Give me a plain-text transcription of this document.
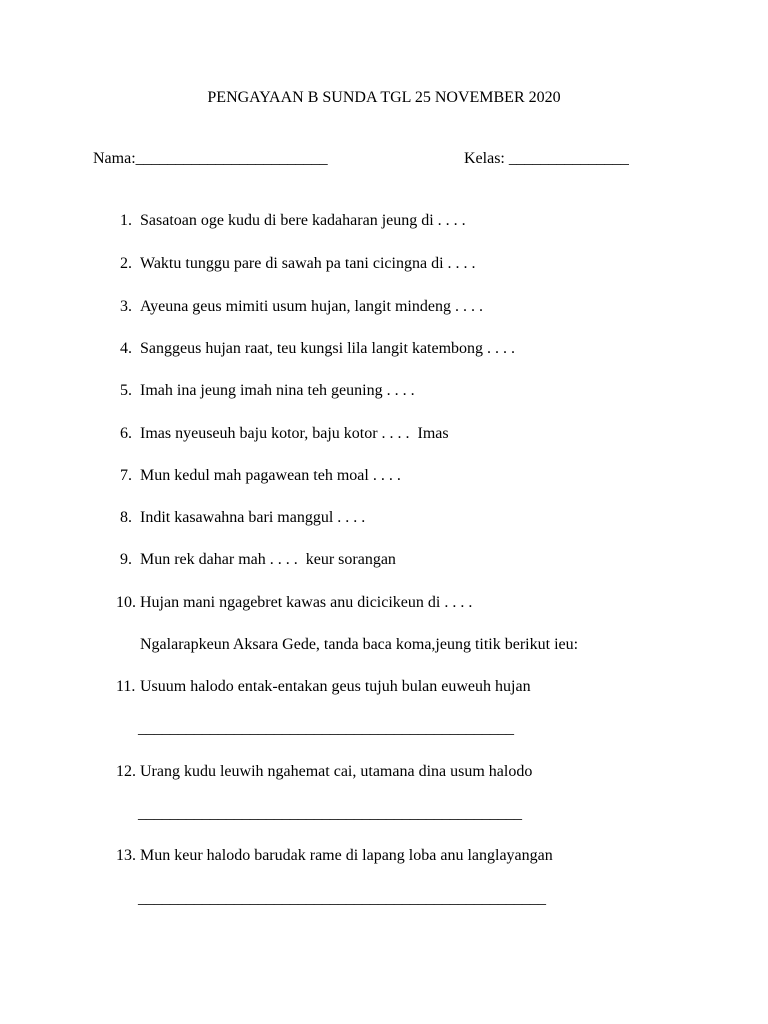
PENGAYAAN B SUNDA TGL 25 NOVEMBER 2020
Nama:________________________	Kelas: _______________
1. Sasatoan oge kudu di bere kadaharan jeung di . . . .
2. Waktu tunggu pare di sawah pa tani cicingna di . . . .
3. Ayeuna geus mimiti usum hujan, langit mindeng . . . .
4. Sanggeus hujan raat, teu kungsi lila langit katembong . . . .
5. Imah ina jeung imah nina teh geuning . . . .
6. Imas nyeuseuh baju kotor, baju kotor . . . .  Imas
7. Mun kedul mah pagawean teh moal . . . .
8. Indit kasawahna bari manggul . . . .
9. Mun rek dahar mah . . . .  keur sorangan
10. Hujan mani ngagebret kawas anu dicicikeun di . . . .
Ngalarapkeun Aksara Gede, tanda baca koma,jeung titik berikut ieu:
11. Usuum halodo entak-entakan geus tujuh bulan euweuh hujan
_______________________________________________
12. Urang kudu leuwih ngahemat cai, utamana dina usum halodo
________________________________________________
13. Mun keur halodo barudak rame di lapang loba anu langlayangan
___________________________________________________
